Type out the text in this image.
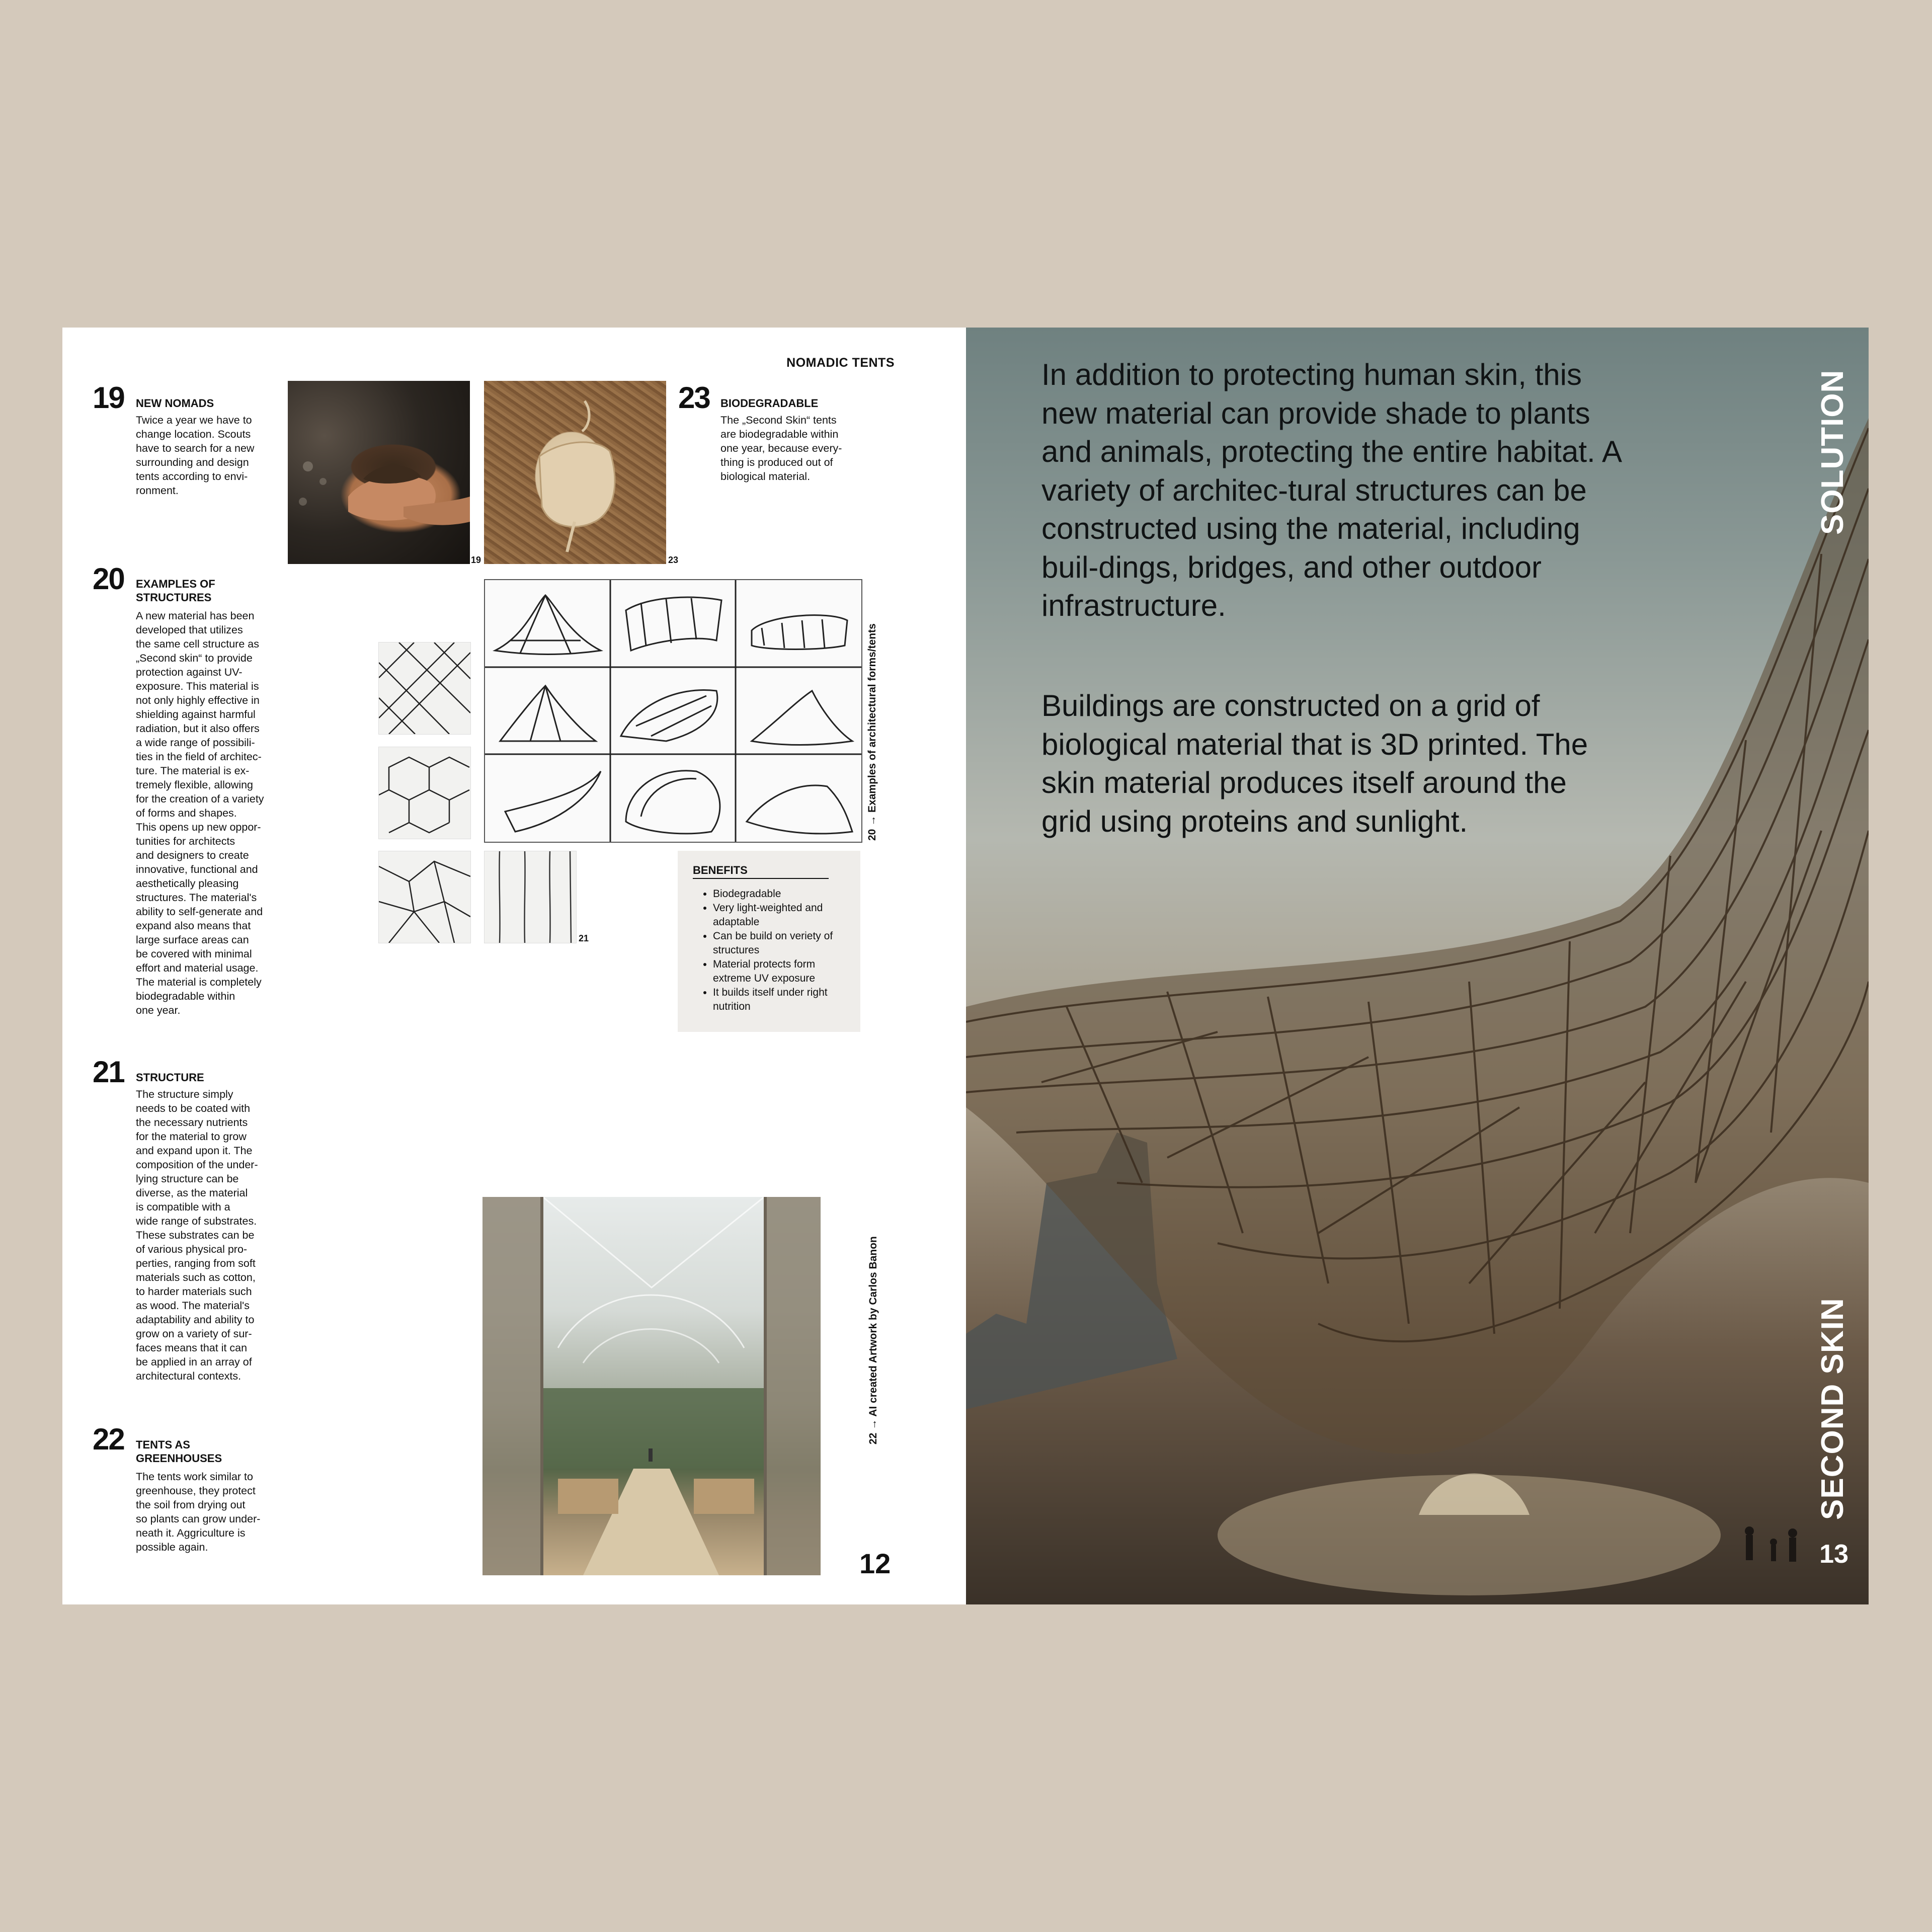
NOMADIC TENTS
19 NEW NOMADS
Twice a year we have to
change location. Scouts
have to search for a new
surrounding and design
tents according to envi-
ronment.
20 EXAMPLES OF
STRUCTURES
A new material has been
developed that utilizes
the same cell structure as
„Second skin“ to provide
protection against UV-
exposure. This material is
not only highly effective in
shielding against harmful
radiation, but it also offers
a wide range of possibili-
ties in the field of architec-
ture. The material is ex-
tremely flexible, allowing
for the creation of a variety
of forms and shapes.
This opens up new oppor-
tunities for architects
and designers to create
innovative, functional and
aesthetically pleasing
structures. The material's
ability to self-generate and
expand also means that
large surface areas can
be covered with minimal
effort and material usage.
The material is completely
biodegradable within
one year.
21 STRUCTURE
The structure simply
needs to be coated with
the necessary nutrients
for the material to grow
and expand upon it. The
composition of the under-
lying structure can be
diverse, as the material
is compatible with a
wide range of substrates.
These substrates can be
of various physical pro-
perties, ranging from soft
materials such as cotton,
to harder materials such
as wood. The material's
adaptability and ability to
grow on a variety of sur-
faces means that it can
be applied in an array of
architectural contexts.
22 TENTS AS
GREENHOUSES
The tents work similar to
greenhouse, they protect
the soil from drying out
so plants can grow under-
neath it. Aggriculture is
possible again.
23 BIODEGRADABLE
The „Second Skin“ tents
are biodegradable within
one year, because every-
thing is produced out of
biological material.
19	23
20 → Examples of architectural forms/tents
21
BENEFITS
• Biodegradable
• Very light-weighted and adaptable
• Can be build on veriety of structures
• Material protects form extreme UV exposure
• It builds itself under right nutrition
22 → AI created Artwork by Carlos Banon
12
In addition to protecting human skin, this new material can provide shade to plants and animals, protecting the entire habitat. A variety of architec-tural structures can be constructed using the material, including buil-dings, bridges, and other outdoor infrastructure.
Buildings are constructed on a grid of biological material that is 3D printed. The skin material produces itself around the grid using proteins and sunlight.
SOLUTION
SECOND SKIN
13
